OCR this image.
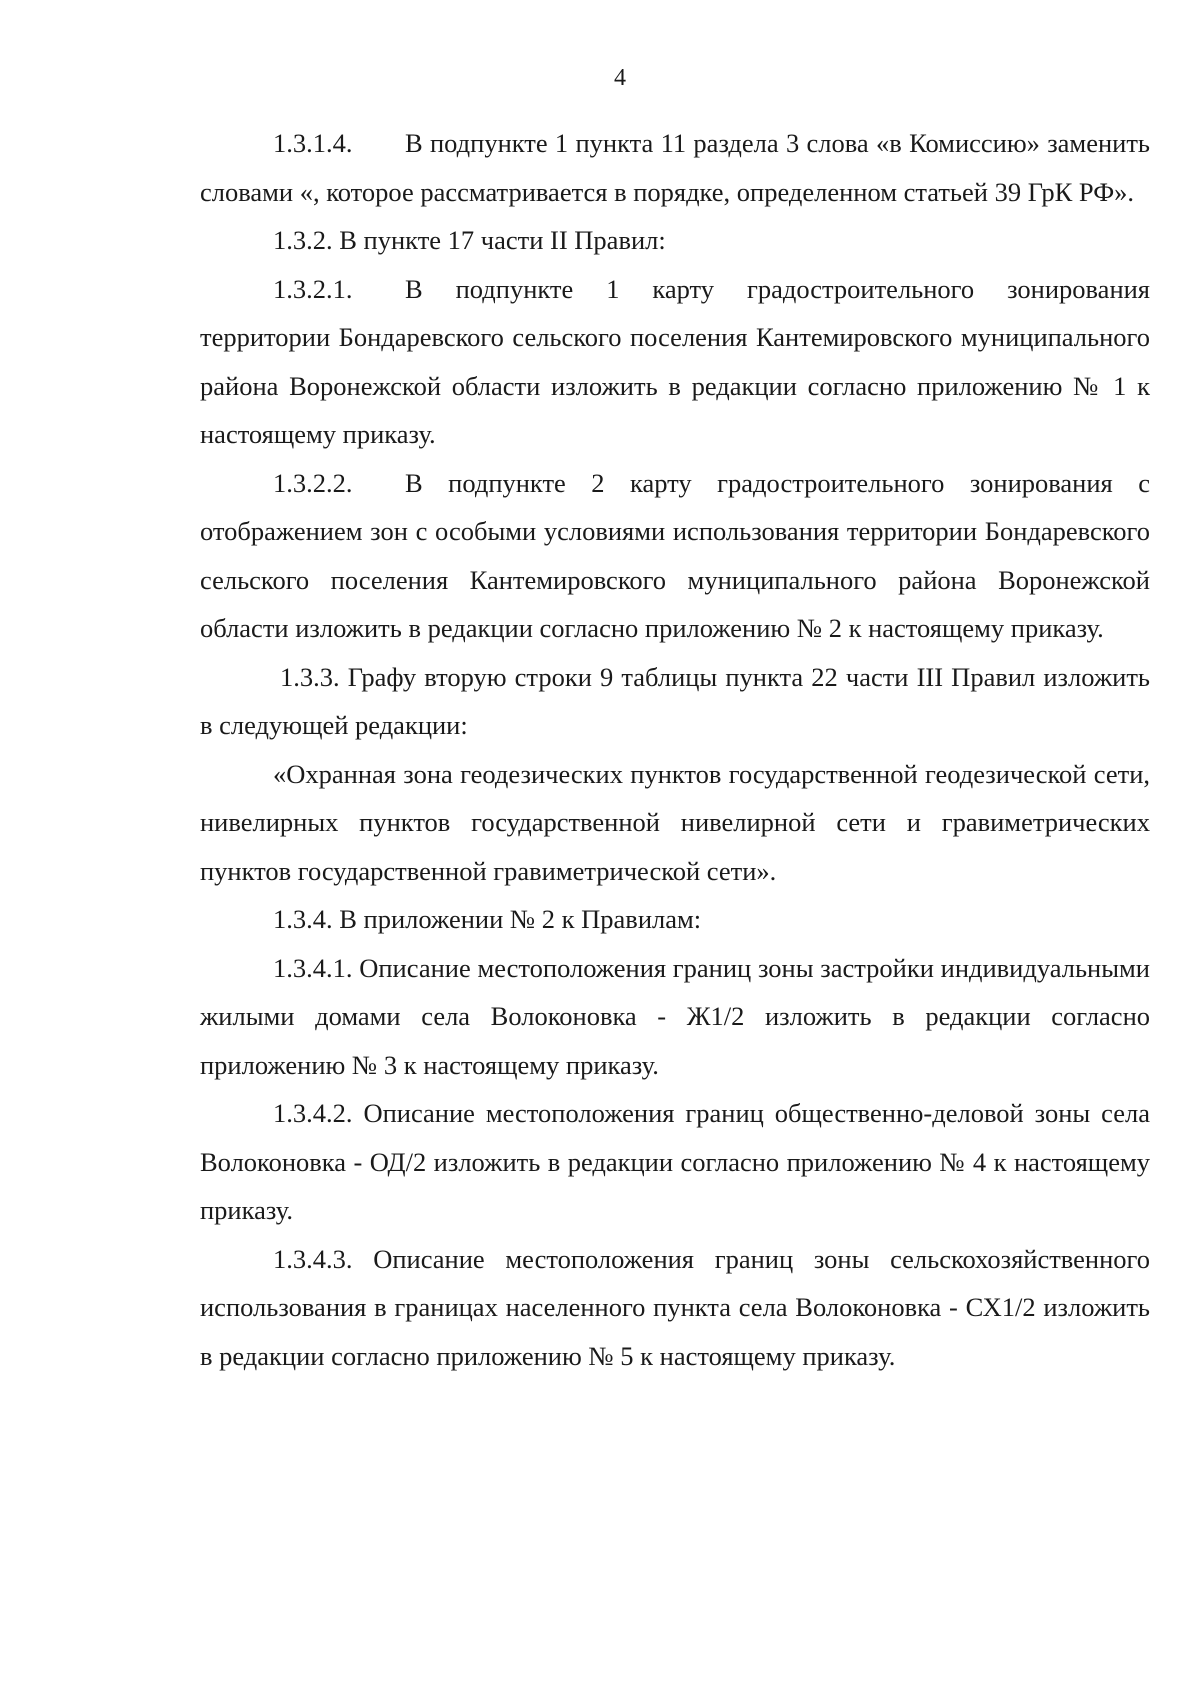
4

1.3.1.4. В подпункте 1 пункта 11 раздела 3 слова «в Комиссию» заменить словами «, которое рассматривается в порядке, определенном статьей 39 ГрК РФ».

1.3.2. В пункте 17 части II Правил:

1.3.2.1. В подпункте 1 карту градостроительного зонирования территории Бондаревского сельского поселения Кантемировского муниципального района Воронежской области изложить в редакции согласно приложению № 1 к настоящему приказу.

1.3.2.2. В подпункте 2 карту градостроительного зонирования с отображением зон с особыми условиями использования территории Бондаревского сельского поселения Кантемировского муниципального района Воронежской области изложить в редакции согласно приложению № 2 к настоящему приказу.

1.3.3. Графу вторую строки 9 таблицы пункта 22 части III Правил изложить в следующей редакции:

«Охранная зона геодезических пунктов государственной геодезической сети, нивелирных пунктов государственной нивелирной сети и гравиметрических пунктов государственной гравиметрической сети».

1.3.4. В приложении № 2 к Правилам:

1.3.4.1. Описание местоположения границ зоны застройки индивидуальными жилыми домами села Волоконовка - Ж1/2 изложить в редакции согласно приложению № 3 к настоящему приказу.

1.3.4.2. Описание местоположения границ общественно-деловой зоны села Волоконовка - ОД/2 изложить в редакции согласно приложению № 4 к настоящему приказу.

1.3.4.3. Описание местоположения границ зоны сельскохозяйственного использования в границах населенного пункта села Волоконовка - СХ1/2 изложить в редакции согласно приложению № 5 к настоящему приказу.
